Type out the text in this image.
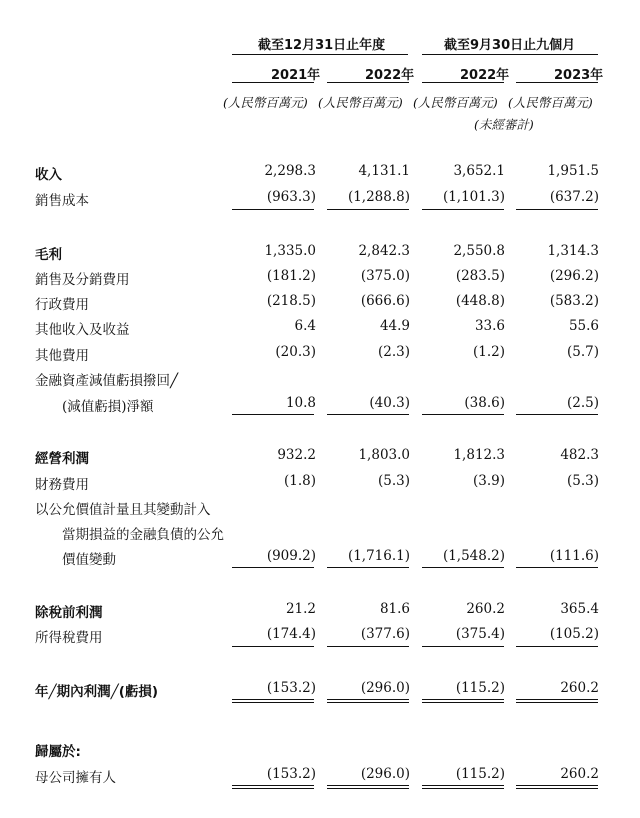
截至12月31日止年度	截至9月30日止九個月
2021年	2022年	2022年	2023年
(人民幣百萬元) (人民幣百萬元) (人民幣百萬元) (人民幣百萬元)
(未經審計)
收入	2,298.3	4,131.1	3,652.1	1,951.5
銷售成本	(963.3)	(1,288.8)	(1,101.3)	(637.2)
毛利	1,335.0	2,842.3	2,550.8	1,314.3
銷售及分銷費用	(181.2)	(375.0)	(283.5)	(296.2)
行政費用	(218.5)	(666.6)	(448.8)	(583.2)
其他收入及收益	6.4	44.9	33.6	55.6
其他費用	(20.3)	(2.3)	(1.2)	(5.7)
金融資產減值虧損撥回╱
(減值虧損)淨額	10.8	(40.3)	(38.6)	(2.5)
經營利潤	932.2	1,803.0	1,812.3	482.3
財務費用	(1.8)	(5.3)	(3.9)	(5.3)
以公允價值計量且其變動計入
當期損益的金融負債的公允
價值變動	(909.2)	(1,716.1)	(1,548.2)	(111.6)
除稅前利潤	21.2	81.6	260.2	365.4
所得稅費用	(174.4)	(377.6)	(375.4)	(105.2)
年╱期內利潤╱(虧損)	(153.2)	(296.0)	(115.2)	260.2
歸屬於:
母公司擁有人	(153.2)	(296.0)	(115.2)	260.2
